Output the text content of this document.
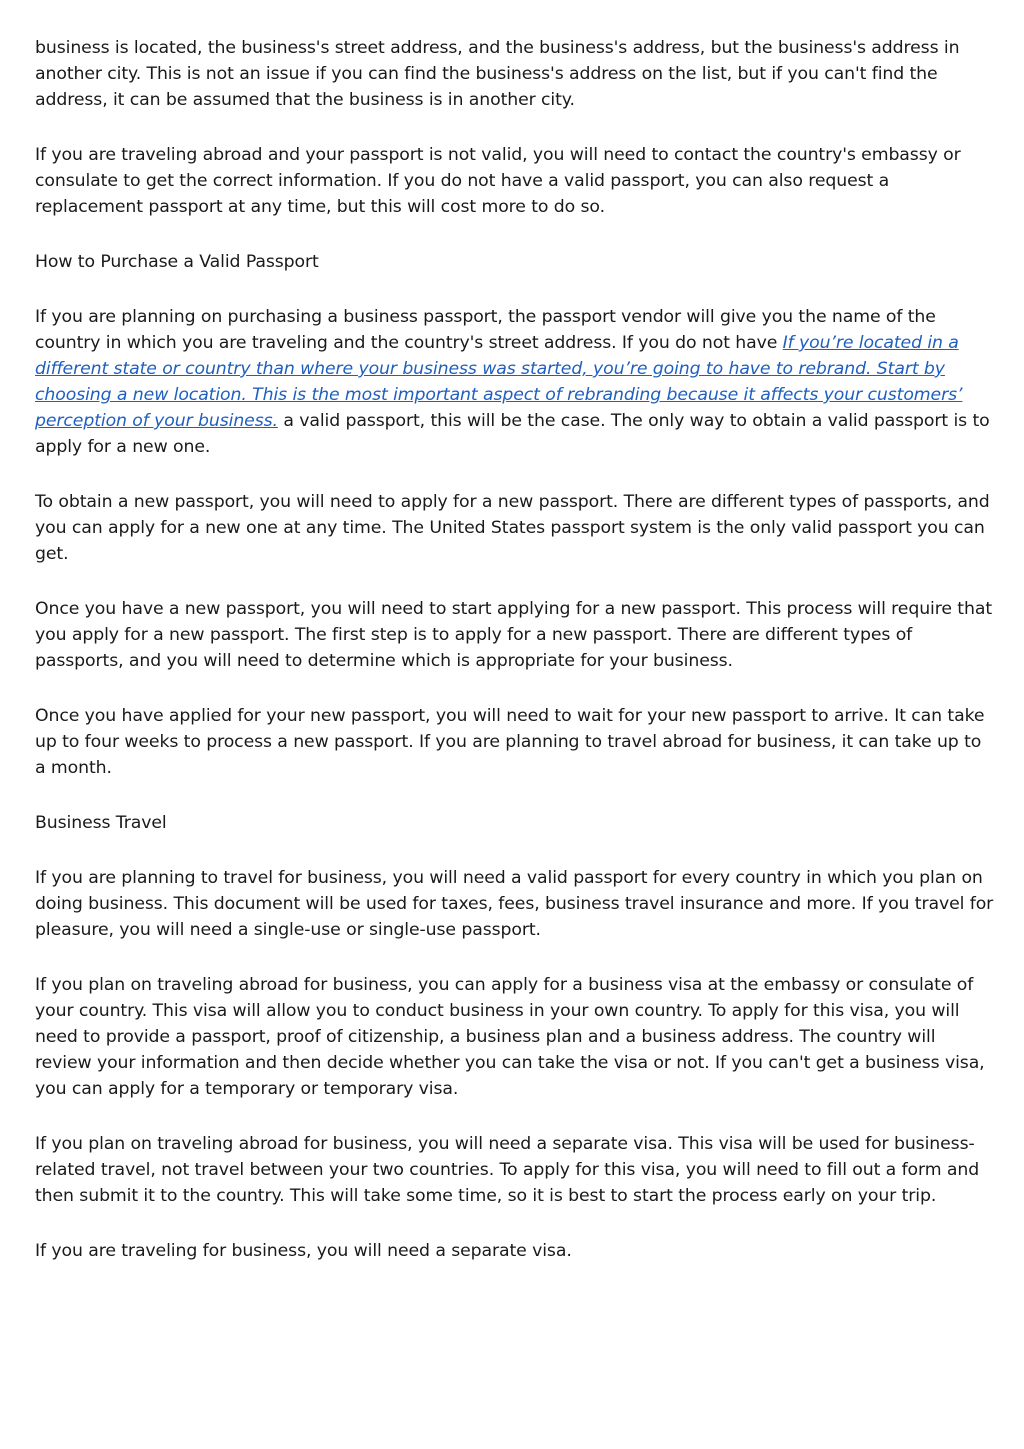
business is located, the business's street address, and the business's address, but the business's address in another city. This is not an issue if you can find the business's address on the list, but if you can't find the address, it can be assumed that the business is in another city.

If you are traveling abroad and your passport is not valid, you will need to contact the country's embassy or consulate to get the correct information. If you do not have a valid passport, you can also request a replacement passport at any time, but this will cost more to do so.

How to Purchase a Valid Passport

If you are planning on purchasing a business passport, the passport vendor will give you the name of the country in which you are traveling and the country's street address. If you do not have If you’re located in a different state or country than where your business was started, you’re going to have to rebrand. Start by choosing a new location. This is the most important aspect of rebranding because it affects your customers’ perception of your business. a valid passport, this will be the case. The only way to obtain a valid passport is to apply for a new one.

To obtain a new passport, you will need to apply for a new passport. There are different types of passports, and you can apply for a new one at any time. The United States passport system is the only valid passport you can get.

Once you have a new passport, you will need to start applying for a new passport. This process will require that you apply for a new passport. The first step is to apply for a new passport. There are different types of passports, and you will need to determine which is appropriate for your business.

Once you have applied for your new passport, you will need to wait for your new passport to arrive. It can take up to four weeks to process a new passport. If you are planning to travel abroad for business, it can take up to a month.

Business Travel

If you are planning to travel for business, you will need a valid passport for every country in which you plan on doing business. This document will be used for taxes, fees, business travel insurance and more. If you travel for pleasure, you will need a single-use or single-use passport.

If you plan on traveling abroad for business, you can apply for a business visa at the embassy or consulate of your country. This visa will allow you to conduct business in your own country. To apply for this visa, you will need to provide a passport, proof of citizenship, a business plan and a business address. The country will review your information and then decide whether you can take the visa or not. If you can't get a business visa, you can apply for a temporary or temporary visa.

If you plan on traveling abroad for business, you will need a separate visa. This visa will be used for business-related travel, not travel between your two countries. To apply for this visa, you will need to fill out a form and then submit it to the country. This will take some time, so it is best to start the process early on your trip.

If you are traveling for business, you will need a separate visa.
